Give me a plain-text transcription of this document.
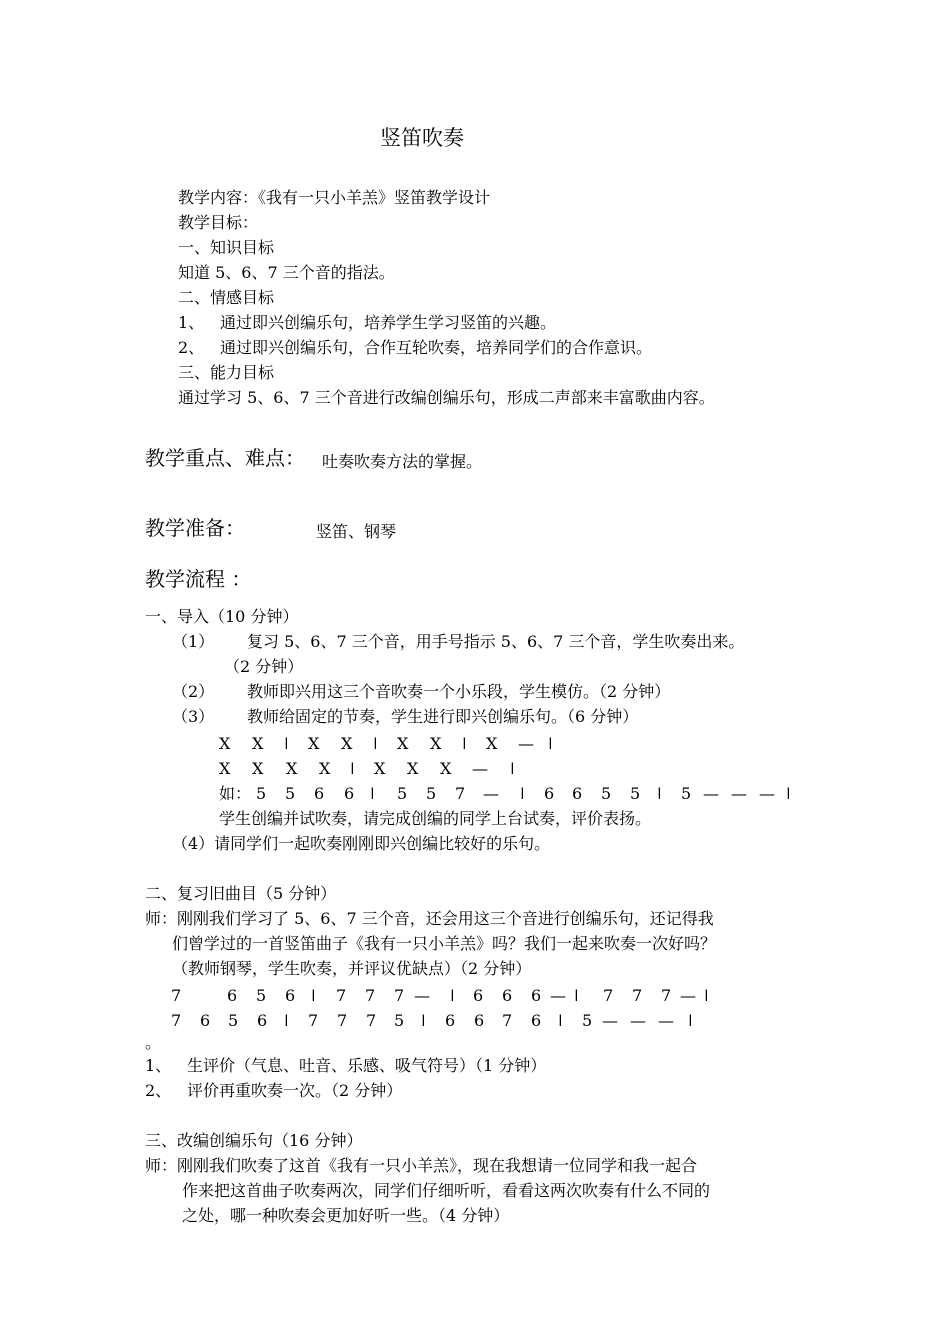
竖笛吹奏
教学内容：《我有一只小羊羔》竖笛教学设计
教学目标：
一、知识目标
知道 5、6、7 三个音的指法。
二、情感目标
1、 通过即兴创编乐句，培养学生学习竖笛的兴趣。
2、 通过即兴创编乐句，合作互轮吹奏，培养同学们的合作意识。
三、能力目标
通过学习 5、6、7 三个音进行改编创编乐句，形成二声部来丰富歌曲内容。
教学重点、难点： 吐奏吹奏方法的掌握。
教学准备：	竖笛、钢琴
教学流程 ：
一、导入（10 分钟）
（1） 复习 5、6、7 三个音，用手号指示 5、6、7 三个音，学生吹奏出来。
（2 分钟）
（2） 教师即兴用这三个音吹奏一个小乐段，学生模仿。（2 分钟）
（3） 教师给固定的节奏，学生进行即兴创编乐句。（6 分钟）
X X ǀ X X ǀ X X ǀ X — ǀ
X X X X ǀ X X X — ǀ
如： 5 5 6 6 ǀ 5 5 7 — ǀ 6 6 5 5 ǀ 5 — — — ǀ
学生创编并试吹奏，请完成创编的同学上台试奏，评价表扬。
（4）请同学们一起吹奏刚刚即兴创编比较好的乐句。
二、复习旧曲目（5 分钟）
师：刚刚我们学习了 5、6、7 三个音，还会用这三个音进行创编乐句，还记得我
们曾学过的一首竖笛曲子《我有一只小羊羔》吗？我们一起来吹奏一次好吗？
（教师钢琴，学生吹奏，并评议优缺点）（2 分钟）
7	6 5 6 ǀ 7 7 7 — ǀ 6 6 6 — ǀ 7 7 7 — ǀ
7 6 5 6 ǀ 7 7 7 5 ǀ 6 6 7 6 ǀ 5 — — — ǀ
。
1、 生评价（气息、吐音、乐感、吸气符号）（1 分钟）
2、 评价再重吹奏一次。（2 分钟）
三、改编创编乐句（16 分钟）
师：刚刚我们吹奏了这首《我有一只小羊羔》，现在我想请一位同学和我一起合
作来把这首曲子吹奏两次，同学们仔细听听，看看这两次吹奏有什么不同的
之处，哪一种吹奏会更加好听一些。（4 分钟）
